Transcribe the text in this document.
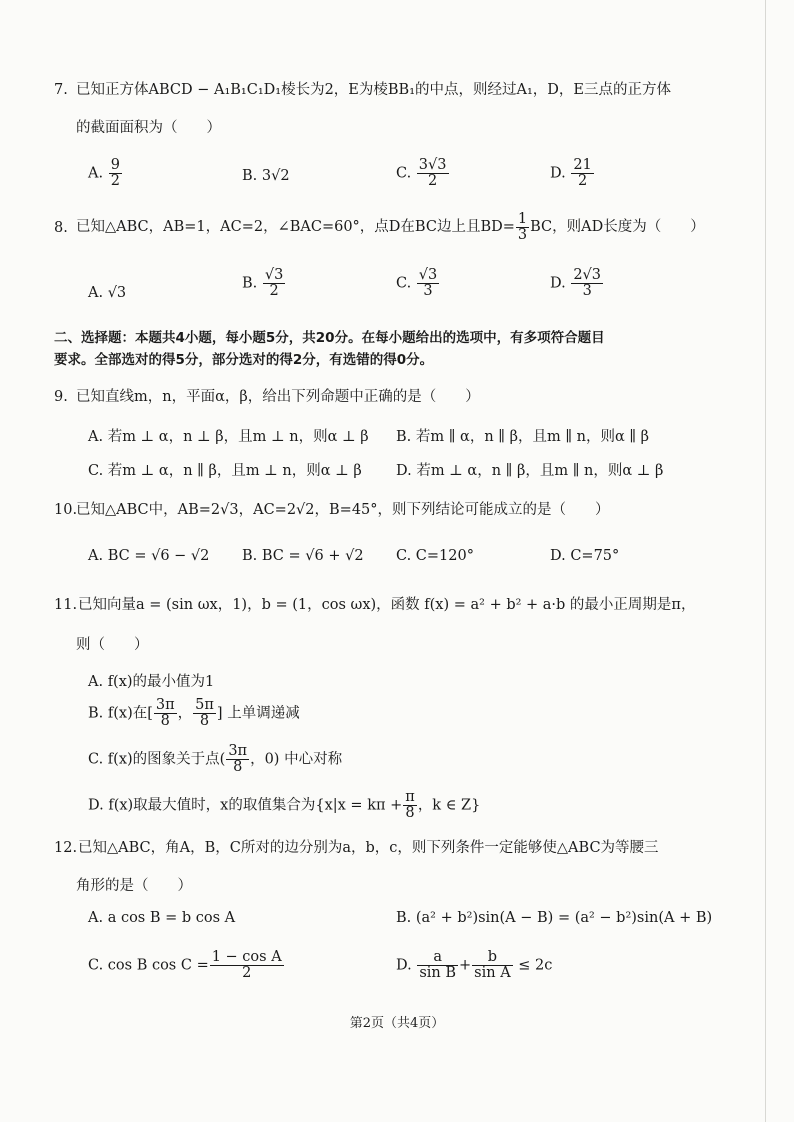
7. 已知正方体ABCD − A₁B₁C₁D₁棱长为2，E为棱BB₁的中点，则经过A₁，D，E三点的正方体
的截面面积为（　　）
A. $\frac{9}{2}$	B. 3√2	C. $\frac{3√3}{2}$	D. $\frac{21}{2}$
8. 已知△ABC，AB=1，AC=2，∠BAC=60°，点D在BC边上且$BD= \frac{1}{3}$ BC，则AD长度为（　　）
A. √3
B. $\frac{√3}{2}$	C. $\frac{√3}{3}$	D. $\frac{2√3}{3}$
二、选择题：本题共4小题，每小题5分，共20分。在每小题给出的选项中，有多项符合题目
要求。全部选对的得5分，部分选对的得2分，有选错的得0分。
9. 已知直线m，n，平面α，β，给出下列命题中正确的是（　　）
A. 若m ⊥ α，n ⊥ β，且m ⊥ n，则α ⊥ β B. 若m ∥ α，n ∥ β，且m ∥ n，则α ∥ β
C. 若m ⊥ α，n ∥ β，且m ⊥ n，则α ⊥ β D. 若m ⊥ α，n ∥ β，且m ∥ n，则α ⊥ β
10.
已知△ABC中，AB=2√3，AC=2√2，B=45°，则下列结论可能成立的是（　　）
A. BC = √6 − √2 B. BC = √6 + √2 C. C=120°	D. C=75°
11. 已知向量a = (sin ωx，1)，b = (1，cos ωx)，函数 f(x) = a² + b² + a·b 的最小正周期是π，
则（　　）
A. f(x)的最小值为1
B. f(x)在[ $\frac{3\pi}{8}$ ， $\frac{5\pi}{8}$ ] 上单调递减
C. f(x)的图象关于点( $\frac{3\pi}{8}$ ，0) 中心对称
D. f(x)取最大值时，x的取值集合为{$x|x = k\pi + \frac{\pi}{8}$ ，k ∈ Z}
12. 已知△ABC，角A，B，C所对的边分别为a，b，c，则下列条件一定能够使△ABC为等腰三
角形的是（　　）
A. a cos B = b cos A	B. (a² + b²)sin(A − B) = (a² − b²)sin(A + B)
C. cos B $\cos C = \frac{\text{1 − cos A}}{2}$	D. $\frac{a}{\text{sin B}} + \frac{b}{\text{sin A}} \le 2c$
第2页（共4页）
